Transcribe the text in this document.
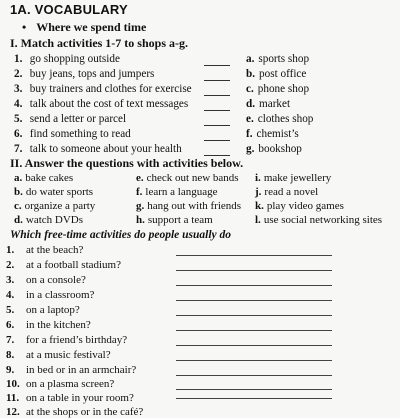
1A. VOCABULARY
• Where we spend time
I. Match activities 1-7 to shops a-g.
1. go shopping outside
2. buy jeans, tops and jumpers
3. buy trainers and clothes for exercise
4. talk about the cost of text messages
5. send a letter or parcel
6. find something to read
7. talk to someone about your health
a. sports shop
b. post office
c. phone shop
d. market
e. clothes shop
f. chemist’s
g. bookshop
II. Answer the questions with activities below.
a. bake cakes
b. do water sports
c. organize a party
d. watch DVDs
e. check out new bands
f. learn a language
g. hang out with friends
h. support a team
i. make jewellery
j. read a novel
k. play video games
l. use social networking sites
Which free-time activities do people usually do
1. at the beach?
2. at a football stadium?
3. on a console?
4. in a classroom?
5. on a laptop?
6. in the kitchen?
7. for a friend’s birthday?
8. at a music festival?
9. in bed or in an armchair?
10. on a plasma screen?
11. on a table in your room?
12. at the shops or in the café?
